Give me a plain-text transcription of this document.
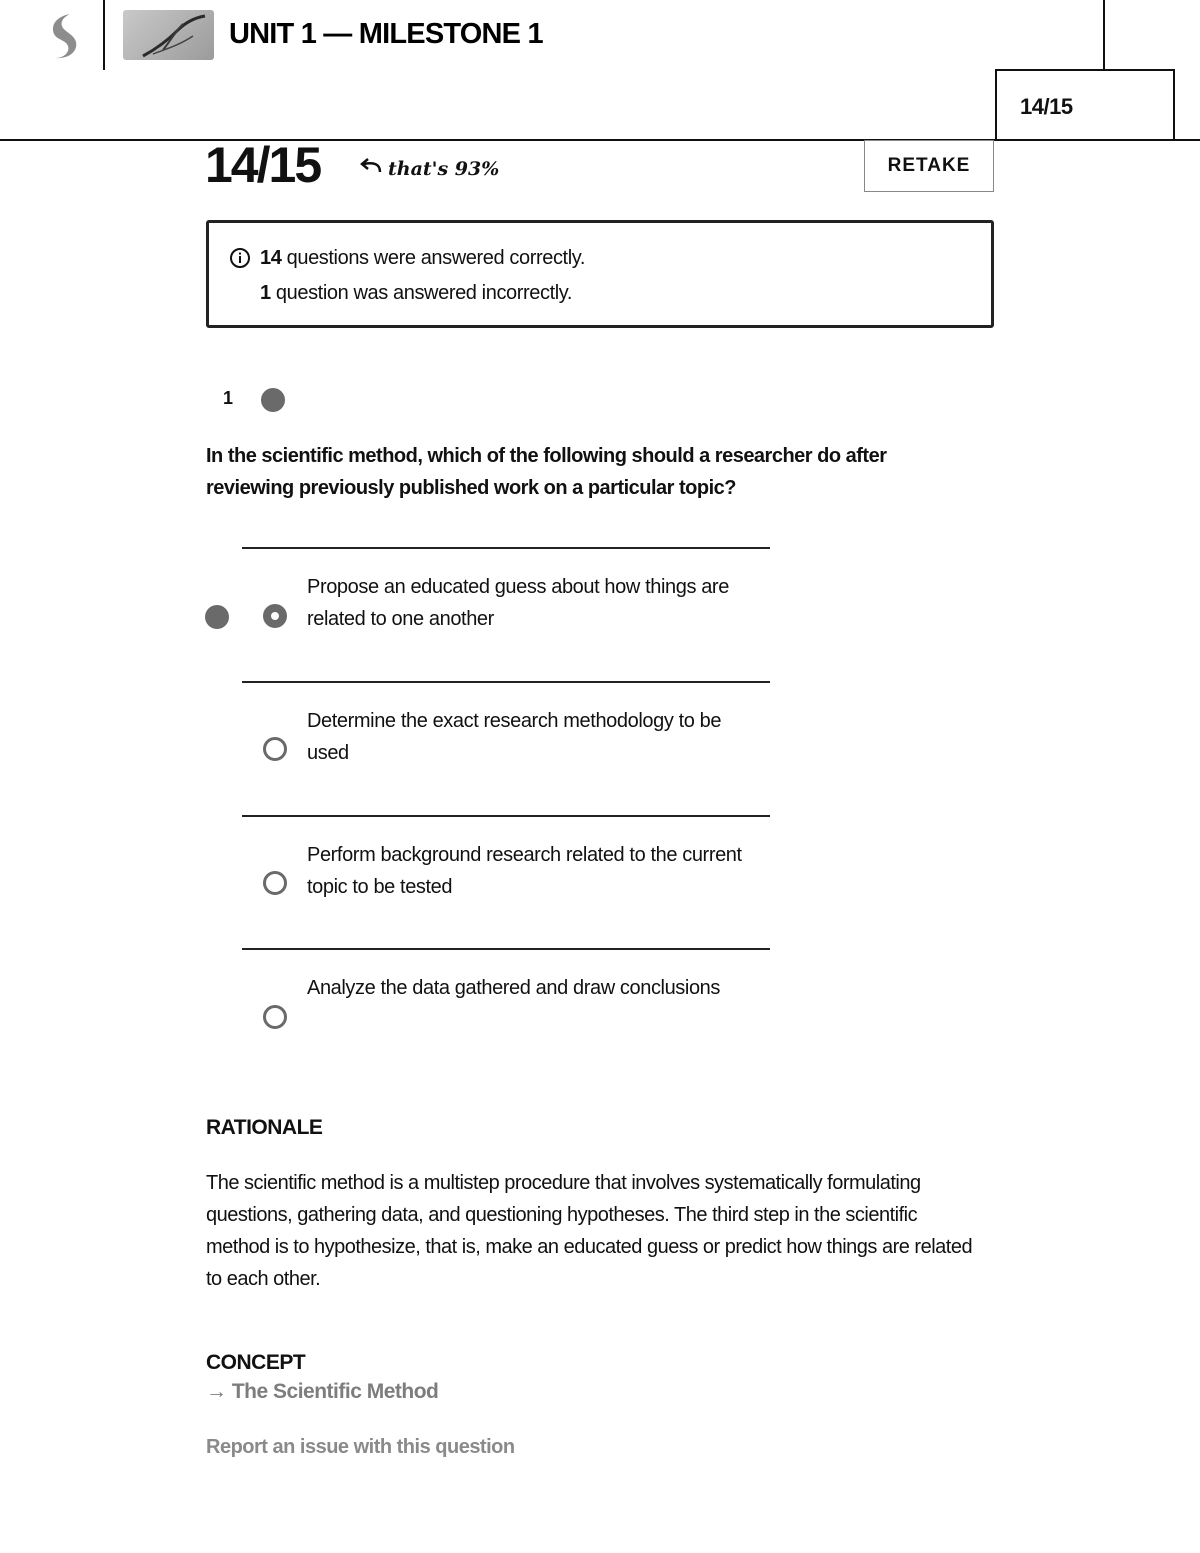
UNIT 1 — MILESTONE 1
14/15
14/15	that's 93%	RETAKE
14 questions were answered correctly.
1 question was answered incorrectly.
1
In the scientific method, which of the following should a researcher do after reviewing previously published work on a particular topic?
Propose an educated guess about how things are related to one another
Determine the exact research methodology to be used
Perform background research related to the current topic to be tested
Analyze the data gathered and draw conclusions
RATIONALE
The scientific method is a multistep procedure that involves systematically formulating questions, gathering data, and questioning hypotheses. The third step in the scientific method is to hypothesize, that is, make an educated guess or predict how things are related to each other.
CONCEPT
→ The Scientific Method
Report an issue with this question
